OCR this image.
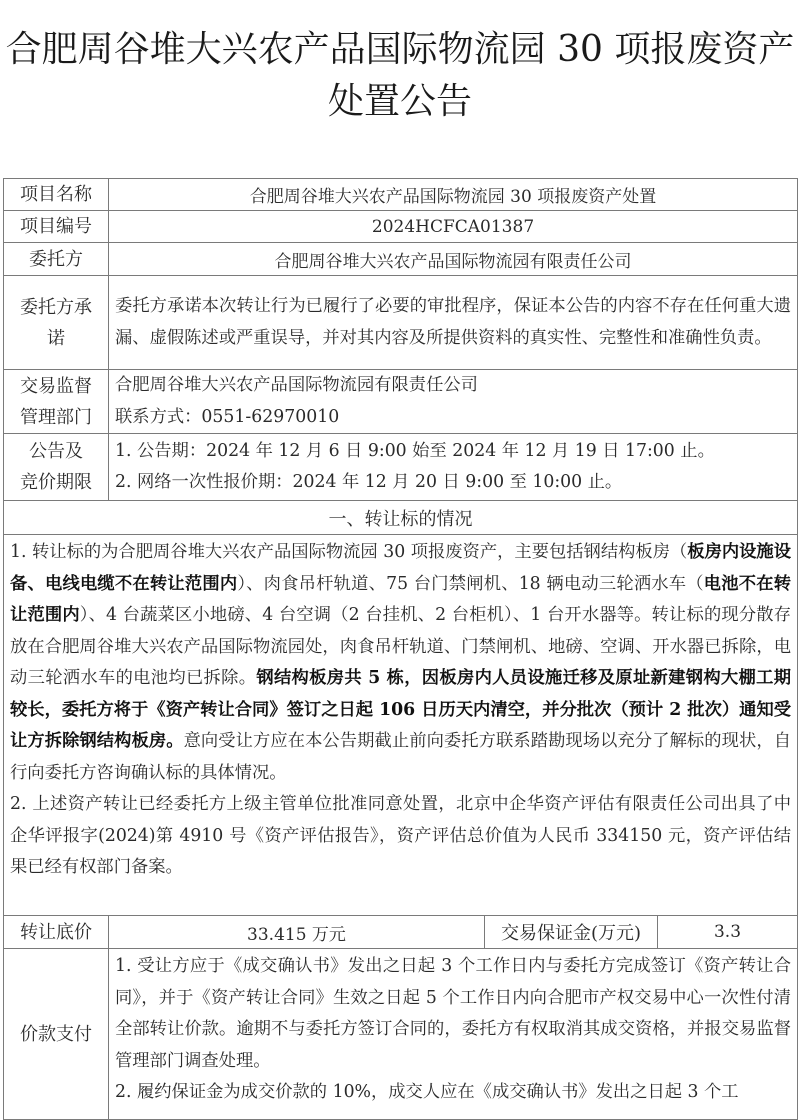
合肥周谷堆大兴农产品国际物流园 30 项报废资产
处置公告
项目名称	合肥周谷堆大兴农产品国际物流园 30 项报废资产处置		
项目编号	2024HCFCA01387		
委托方	合肥周谷堆大兴农产品国际物流园有限责任公司		
委托方承诺	委托方承诺本次转让行为已履行了必要的审批程序，保证本公告的内容不存在任何重大遗漏、虚假陈述或严重误导，并对其内容及所提供资料的真实性、完整性和准确性负责。		

交易监督
管理部门	合肥周谷堆大兴农产品国际物流园有限责任公司
联系方式：0551-62970010		

公告及
竞价期限	1. 公告期：2024 年 12 月 6 日 9:00 始至 2024 年 12 月 19 日 17:00 止。
2. 网络一次性报价期：2024 年 12 月 20 日 9:00 至 10:00 止。		

一、转让标的情况			

1. 转让标的为合肥周谷堆大兴农产品国际物流园 30 项报废资产，主要包括钢结构板房（板房内设施设备、电线电缆不在转让范围内）、肉食吊杆轨道、75 台门禁闸机、18 辆电动三轮洒水车（电池不在转让范围内）、4 台蔬菜区小地磅、4 台空调（2 台挂机、2 台柜机）、1 台开水器等。转让标的现分散存放在合肥周谷堆大兴农产品国际物流园处，肉食吊杆轨道、门禁闸机、地磅、空调、开水器已拆除，电动三轮洒水车的电池均已拆除。钢结构板房共 5 栋，因板房内人员设施迁移及原址新建钢构大棚工期较长，委托方将于《资产转让合同》签订之日起 106 日历天内清空，并分批次（预计 2 批次）通知受让方拆除钢结构板房。意向受让方应在本公告期截止前向委托方联系踏勘现场以充分了解标的现状，自行向委托方咨询确认标的具体情况。
2. 上述资产转让已经委托方上级主管单位批准同意处置，北京中企华资产评估有限责任公司出具了中企华评报字(2024)第 4910 号《资产评估报告》，资产评估总价值为人民币 334150 元，资产评估结果已经有权部门备案。			

转让底价	33.415 万元	交易保证金(万元)	3.3
价款支付	1. 受让方应于《成交确认书》发出之日起 3 个工作日内与委托方完成签订《资产转让合同》，并于《资产转让合同》生效之日起 5 个工作日内向合肥市产权交易中心一次性付清全部转让价款。逾期不与委托方签订合同的，委托方有权取消其成交资格，并报交易监督管理部门调查处理。
2. 履约保证金为成交价款的 10%，成交人应在《成交确认书》发出之日起 3 个工		
